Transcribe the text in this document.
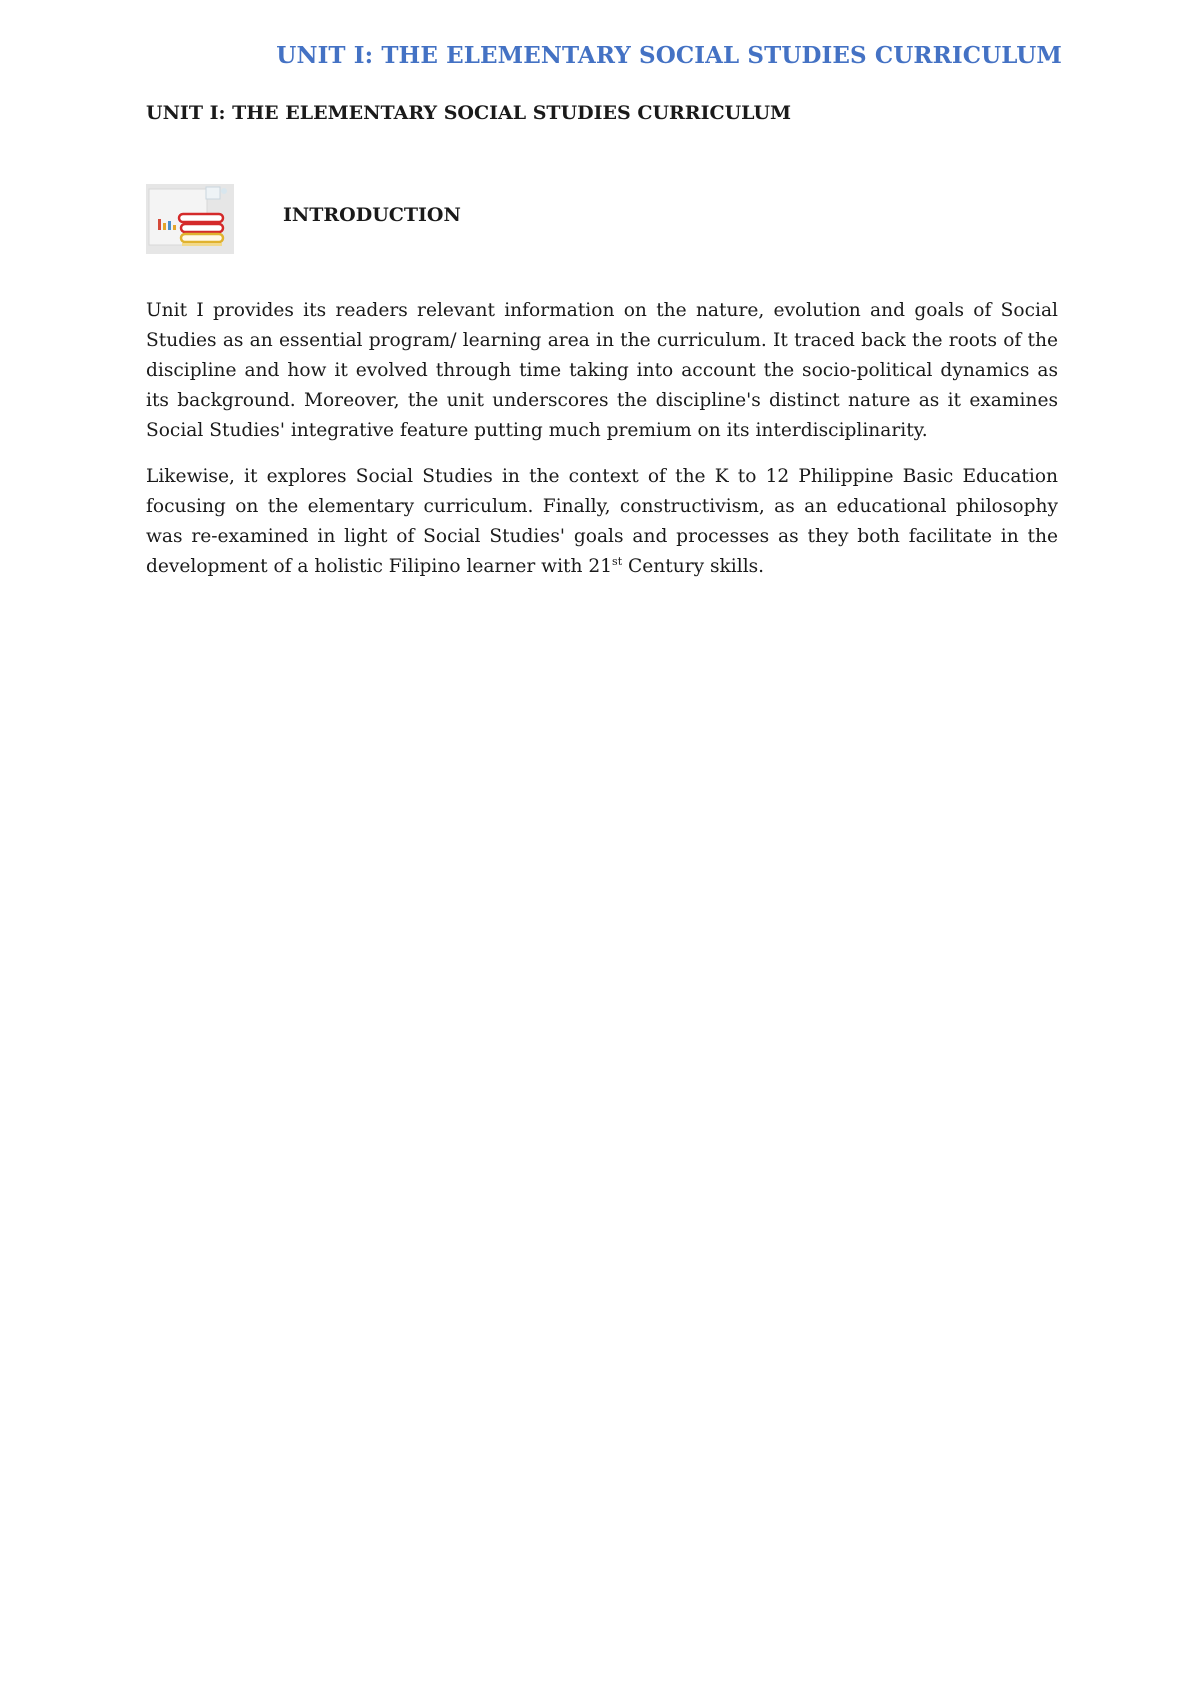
UNIT I: THE ELEMENTARY SOCIAL STUDIES CURRICULUM
UNIT I: THE ELEMENTARY SOCIAL STUDIES CURRICULUM
INTRODUCTION

Unit I provides its readers relevant information on the nature, evolution and goals of Social Studies as an essential program/ learning area in the curriculum. It traced back the roots of the discipline and how it evolved through time taking into account the socio-political dynamics as its background. Moreover, the unit underscores the discipline's distinct nature as it examines Social Studies' integrative feature putting much premium on its interdisciplinarity.

Likewise, it explores Social Studies in the context of the K to 12 Philippine Basic Education focusing on the elementary curriculum. Finally, constructivism, as an educational philosophy was re-examined in light of Social Studies' goals and processes as they both facilitate in the development of a holistic Filipino learner with 21st Century skills.
